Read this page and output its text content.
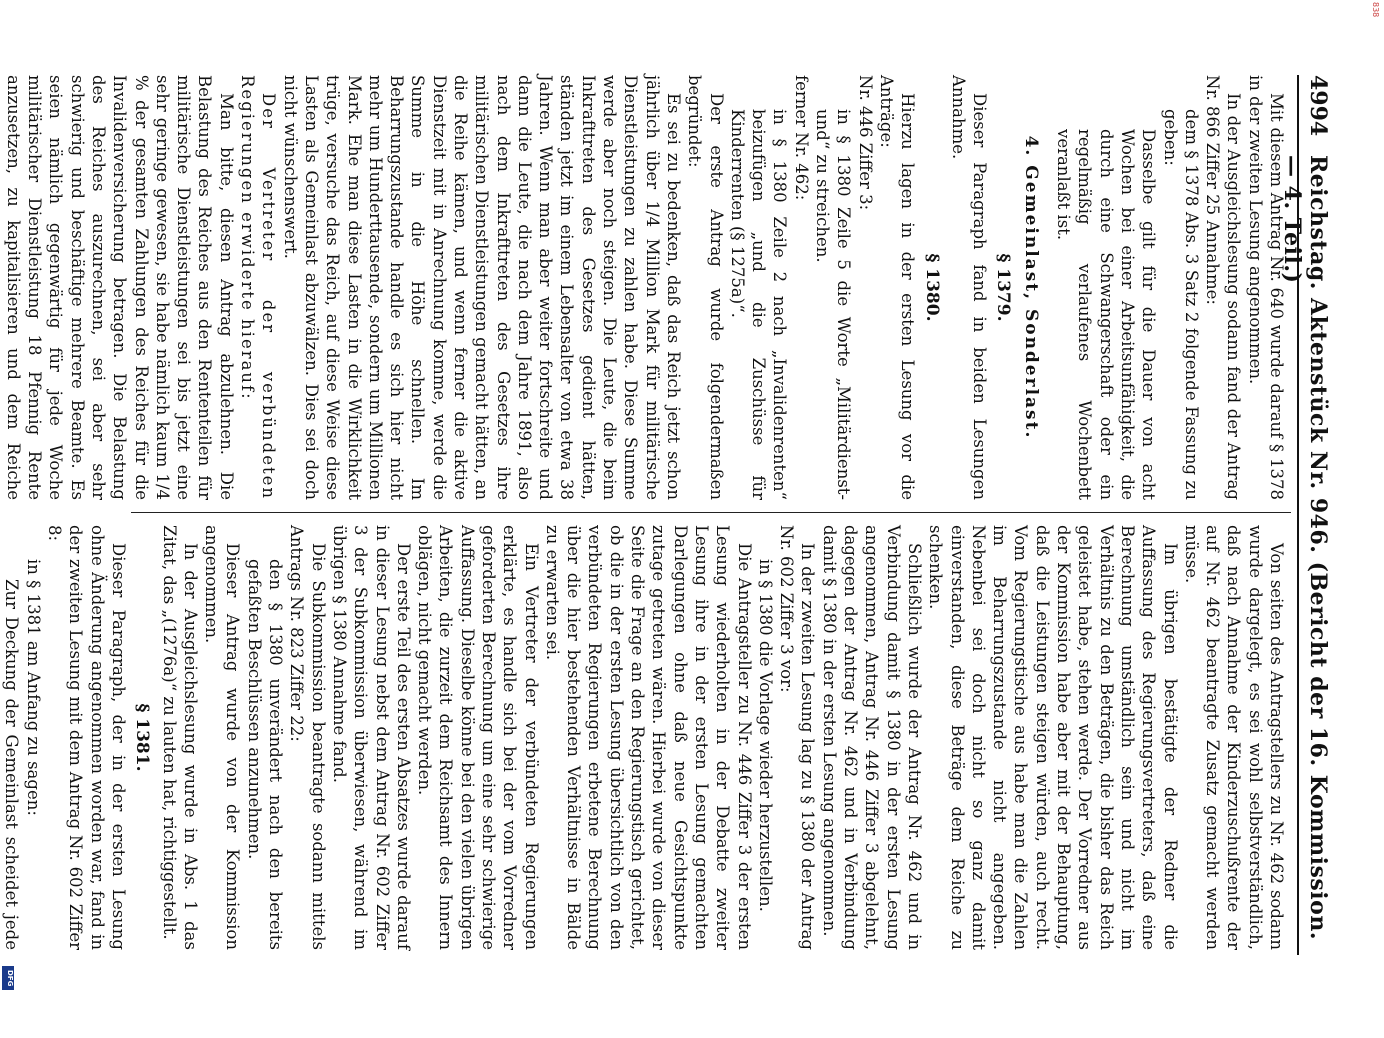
838
DFG
4994
Reichstag. Aktenstück Nr. 946. (Bericht der 16. Kommission. — 4. Teil.)

Mit diesem Antrag Nr. 640 wurde darauf § 1378 in der zweiten Lesung angenommen.

In der Ausgleichslesung sodann fand der Antrag Nr. 866 Ziffer 25 Annahme:

dem § 1378 Abs. 3 Satz 2 folgende Fassung zu geben:

Dasselbe gilt für die Dauer von acht Wochen bei einer Arbeitsunfähigkeit, die durch eine Schwangerschaft oder ein regelmäßig verlaufenes Wochenbett veranlaßt ist.

4. Gemeinlast, Sonderlast.

§ 1379.

Dieser Paragraph fand in beiden Lesungen Annahme.

§ 1380.

Hierzu lagen in der ersten Lesung vor die Anträge:

Nr. 446 Ziffer 3:

in § 1380 Zeile 5 die Worte „Militärdienst- und“ zu streichen.

ferner Nr. 462:

in § 1380 Zeile 2 nach „Invalidenrenten“ beizufügen „und die Zuschüsse für Kinderrenten (§ 1275a)“.

Der erste Antrag wurde folgendermaßen begründet:

Es sei zu bedenken, daß das Reich jetzt schon jährlich über 1/4 Million Mark für militärische Dienstleistungen zu zahlen habe. Diese Summe werde aber noch steigen. Die Leute, die beim Inkrafttreten des Gesetzes gedient hätten, ständen jetzt im einem Lebensalter von etwa 38 Jahren. Wenn man aber weiter fortschreite und dann die Leute, die nach dem Jahre 1891, also nach dem Inkrafttreten des Gesetzes ihre militärischen Dienstleistungen gemacht hätten, an die Reihe kämen, und wenn ferner die aktive Dienstzeit mit in Anrechnung komme, werde die Summe in die Höhe schnellen. Im Beharrungszustande handle es sich hier nicht mehr um Hunderttausende, sondern um Millionen Mark. Ehe man diese Lasten in die Wirklichkeit trüge, versuche das Reich, auf diese Weise diese Lasten als Gemeinlast abzuwälzen. Dies sei doch nicht wünschenswert.

Der Vertreter der verbündeten Regierungen erwiderte hierauf:

Man bitte, diesen Antrag abzulehnen. Die Belastung des Reiches aus den Rententeilen für militärische Dienstleistungen sei bis jetzt eine sehr geringe gewesen, sie habe nämlich kaum 1/4 % der gesamten Zahlungen des Reiches für die Invalidenversicherung betragen. Die Belastung des Reiches auszurechnen, sei aber sehr schwierig und beschäftige mehrere Beamte. Es seien nämlich gegenwärtig für jede Woche militärischer Dienstleistung 18 Pfennig Rente anzusetzen, zu kapitalisieren und dem Reiche

Von seiten des Antragstellers zu Nr. 462 sodann wurde dargelegt, es sei wohl selbstverständlich, daß nach Annahme der Kinderzuschußrente der auf Nr. 462 beantragte Zusatz gemacht werden müsse.

Im übrigen bestätigte der Redner die Auffassung des Regierungsvertreters, daß eine Berechnung umständlich sein und nicht im Verhältnis zu den Beträgen, die bisher das Reich geleistet habe, stehen werde. Der Vorredner aus der Kommission habe aber mit der Behauptung, daß die Leistungen steigen würden, auch recht. Vom Regierungstische aus habe man die Zahlen im Beharrungszustande nicht angegeben. Nebenbei sei doch nicht so ganz damit einverstanden, diese Beträge dem Reiche zu schenken.

Schließlich wurde der Antrag Nr. 462 und in Verbindung damit § 1380 in der ersten Lesung angenommen, Antrag Nr. 446 Ziffer 3 abgelehnt, dagegen der Antrag Nr. 462 und in Verbindung damit § 1380 in der ersten Lesung angenommen.

In der zweiten Lesung lag zu § 1380 der Antrag Nr. 602 Ziffer 3 vor:

in § 1380 die Vorlage wieder herzustellen.

Die Antragsteller zu Nr. 446 Ziffer 3 der ersten Lesung wiederholten in der Debatte zweiter Lesung ihre in der ersten Lesung gemachten Darlegungen ohne daß neue Gesichtspunkte zutage getreten wären. Hierbei wurde von dieser Seite die Frage an den Regierungstisch gerichtet, ob die in der ersten Lesung übersichtlich von den verbündeten Regierungen erbetene Berechnung über die hier bestehenden Verhältnisse in Bälde zu erwarten sei.

Ein Vertreter der verbündeten Regierungen erklärte, es handle sich bei der vom Vorredner geforderten Berechnung um eine sehr schwierige Auffassung. Dieselbe könne bei den vielen übrigen Arbeiten, die zurzeit dem Reichsamt des Innern oblägen, nicht gemacht werden.

Der erste Teil des ersten Absatzes wurde darauf in dieser Lesung nebst dem Antrag Nr. 602 Ziffer 3 der Subkommission überwiesen, während im übrigen § 1380 Annahme fand.

Die Subkommission beantragte sodann mittels Antrags Nr. 823 Ziffer 22:

den § 1380 unverändert nach den bereits gefaßten Beschlüssen anzunehmen.

Dieser Antrag wurde von der Kommission angenommen.

In der Ausgleichslesung wurde in Abs. 1 das Zitat, das „(1276a)“ zu lauten hat, richtiggestellt.

§ 1381.

Dieser Paragraph, der in der ersten Lesung ohne Änderung angenommen worden war, fand in der zweiten Lesung mit dem Antrag Nr. 602 Ziffer 8:

in § 1381 am Anfang zu sagen:

Zur Deckung der Gemeinlast scheidet jede
